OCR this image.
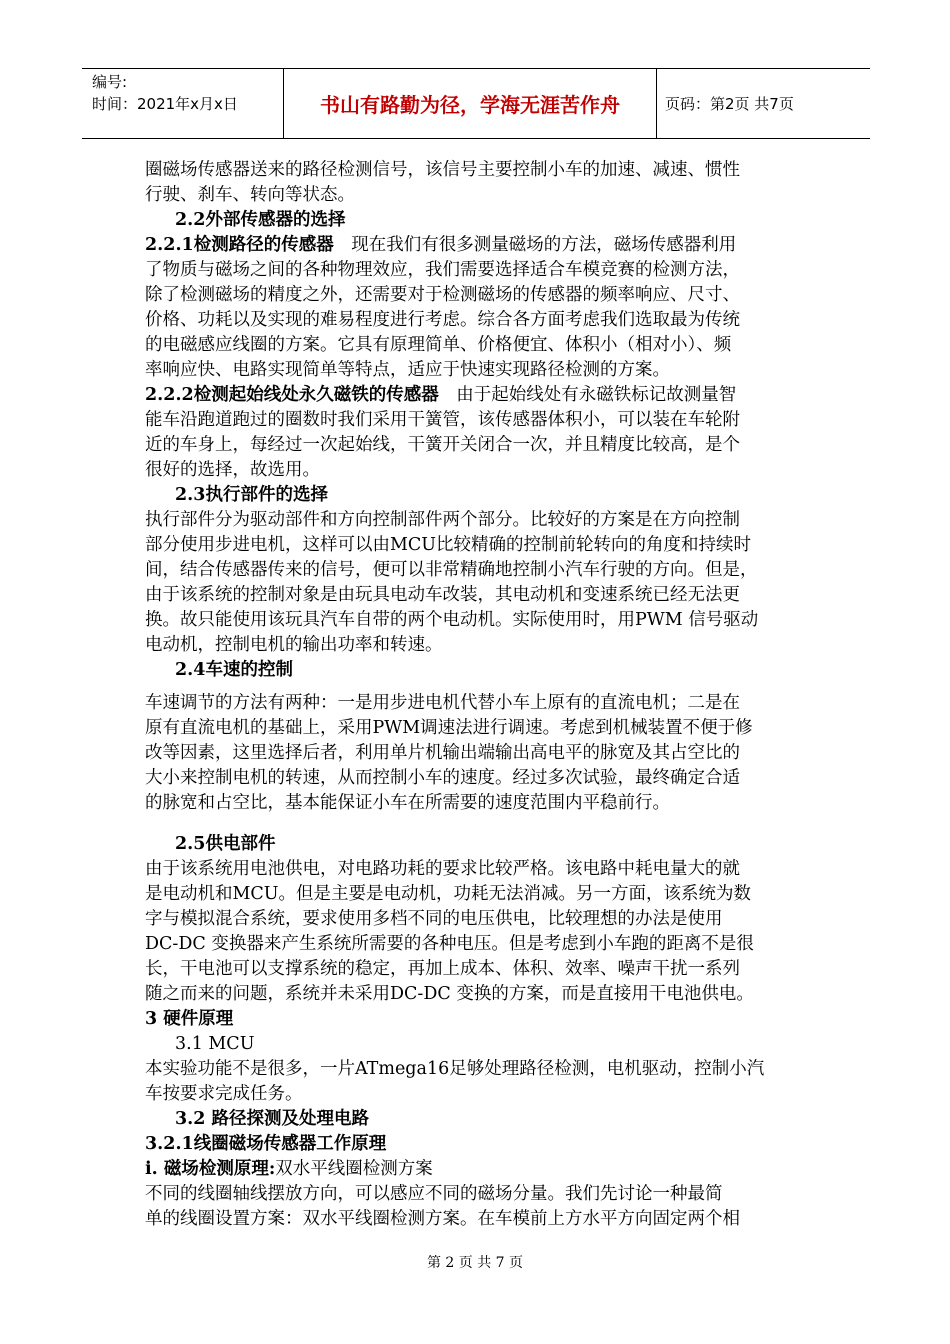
编号:
时间：2021年x月x日	书山有路勤为径，学海无涯苦作舟	页码：第2页 共7页
圈磁场传感器送来的路径检测信号，该信号主要控制小车的加速、减速、惯性
行驶、刹车、转向等状态。
2.2外部传感器的选择
2.2.1检测路径的传感器　现在我们有很多测量磁场的方法，磁场传感器利用
了物质与磁场之间的各种物理效应，我们需要选择适合车模竞赛的检测方法，
除了检测磁场的精度之外，还需要对于检测磁场的传感器的频率响应、尺寸、
价格、功耗以及实现的难易程度进行考虑。综合各方面考虑我们选取最为传统
的电磁感应线圈的方案。它具有原理简单、价格便宜、体积小（相对小）、频
率响应快、电路实现简单等特点，适应于快速实现路径检测的方案。
2.2.2检测起始线处永久磁铁的传感器　由于起始线处有永磁铁标记故测量智
能车沿跑道跑过的圈数时我们采用干簧管，该传感器体积小，可以装在车轮附
近的车身上，每经过一次起始线，干簧开关闭合一次，并且精度比较高，是个
很好的选择，故选用。
2.3执行部件的选择
执行部件分为驱动部件和方向控制部件两个部分。比较好的方案是在方向控制
部分使用步进电机，这样可以由MCU比较精确的控制前轮转向的角度和持续时
间，结合传感器传来的信号，便可以非常精确地控制小汽车行驶的方向。但是，
由于该系统的控制对象是由玩具电动车改装，其电动机和变速系统已经无法更
换。故只能使用该玩具汽车自带的两个电动机。实际使用时，用PWM 信号驱动
电动机，控制电机的输出功率和转速。
2.4车速的控制
车速调节的方法有两种：一是用步进电机代替小车上原有的直流电机；二是在
原有直流电机的基础上，采用PWM调速法进行调速。考虑到机械装置不便于修
改等因素，这里选择后者，利用单片机输出端输出高电平的脉宽及其占空比的
大小来控制电机的转速，从而控制小车的速度。经过多次试验，最终确定合适
的脉宽和占空比，基本能保证小车在所需要的速度范围内平稳前行。
2.5供电部件
由于该系统用电池供电，对电路功耗的要求比较严格。该电路中耗电量大的就
是电动机和MCU。但是主要是电动机，功耗无法消减。另一方面，该系统为数
字与模拟混合系统，要求使用多档不同的电压供电，比较理想的办法是使用
DC-DC 变换器来产生系统所需要的各种电压。但是考虑到小车跑的距离不是很
长，干电池可以支撑系统的稳定，再加上成本、体积、效率、噪声干扰一系列
随之而来的问题，系统并未采用DC-DC 变换的方案，而是直接用干电池供电。
3 硬件原理
3.1 MCU
本实验功能不是很多，一片ATmega16足够处理路径检测，电机驱动，控制小汽
车按要求完成任务。
3.2 路径探测及处理电路
3.2.1线圈磁场传感器工作原理
i. 磁场检测原理:双水平线圈检测方案
不同的线圈轴线摆放方向，可以感应不同的磁场分量。我们先讨论一种最简
单的线圈设置方案：双水平线圈检测方案。在车模前上方水平方向固定两个相
第 2 页 共 7 页
